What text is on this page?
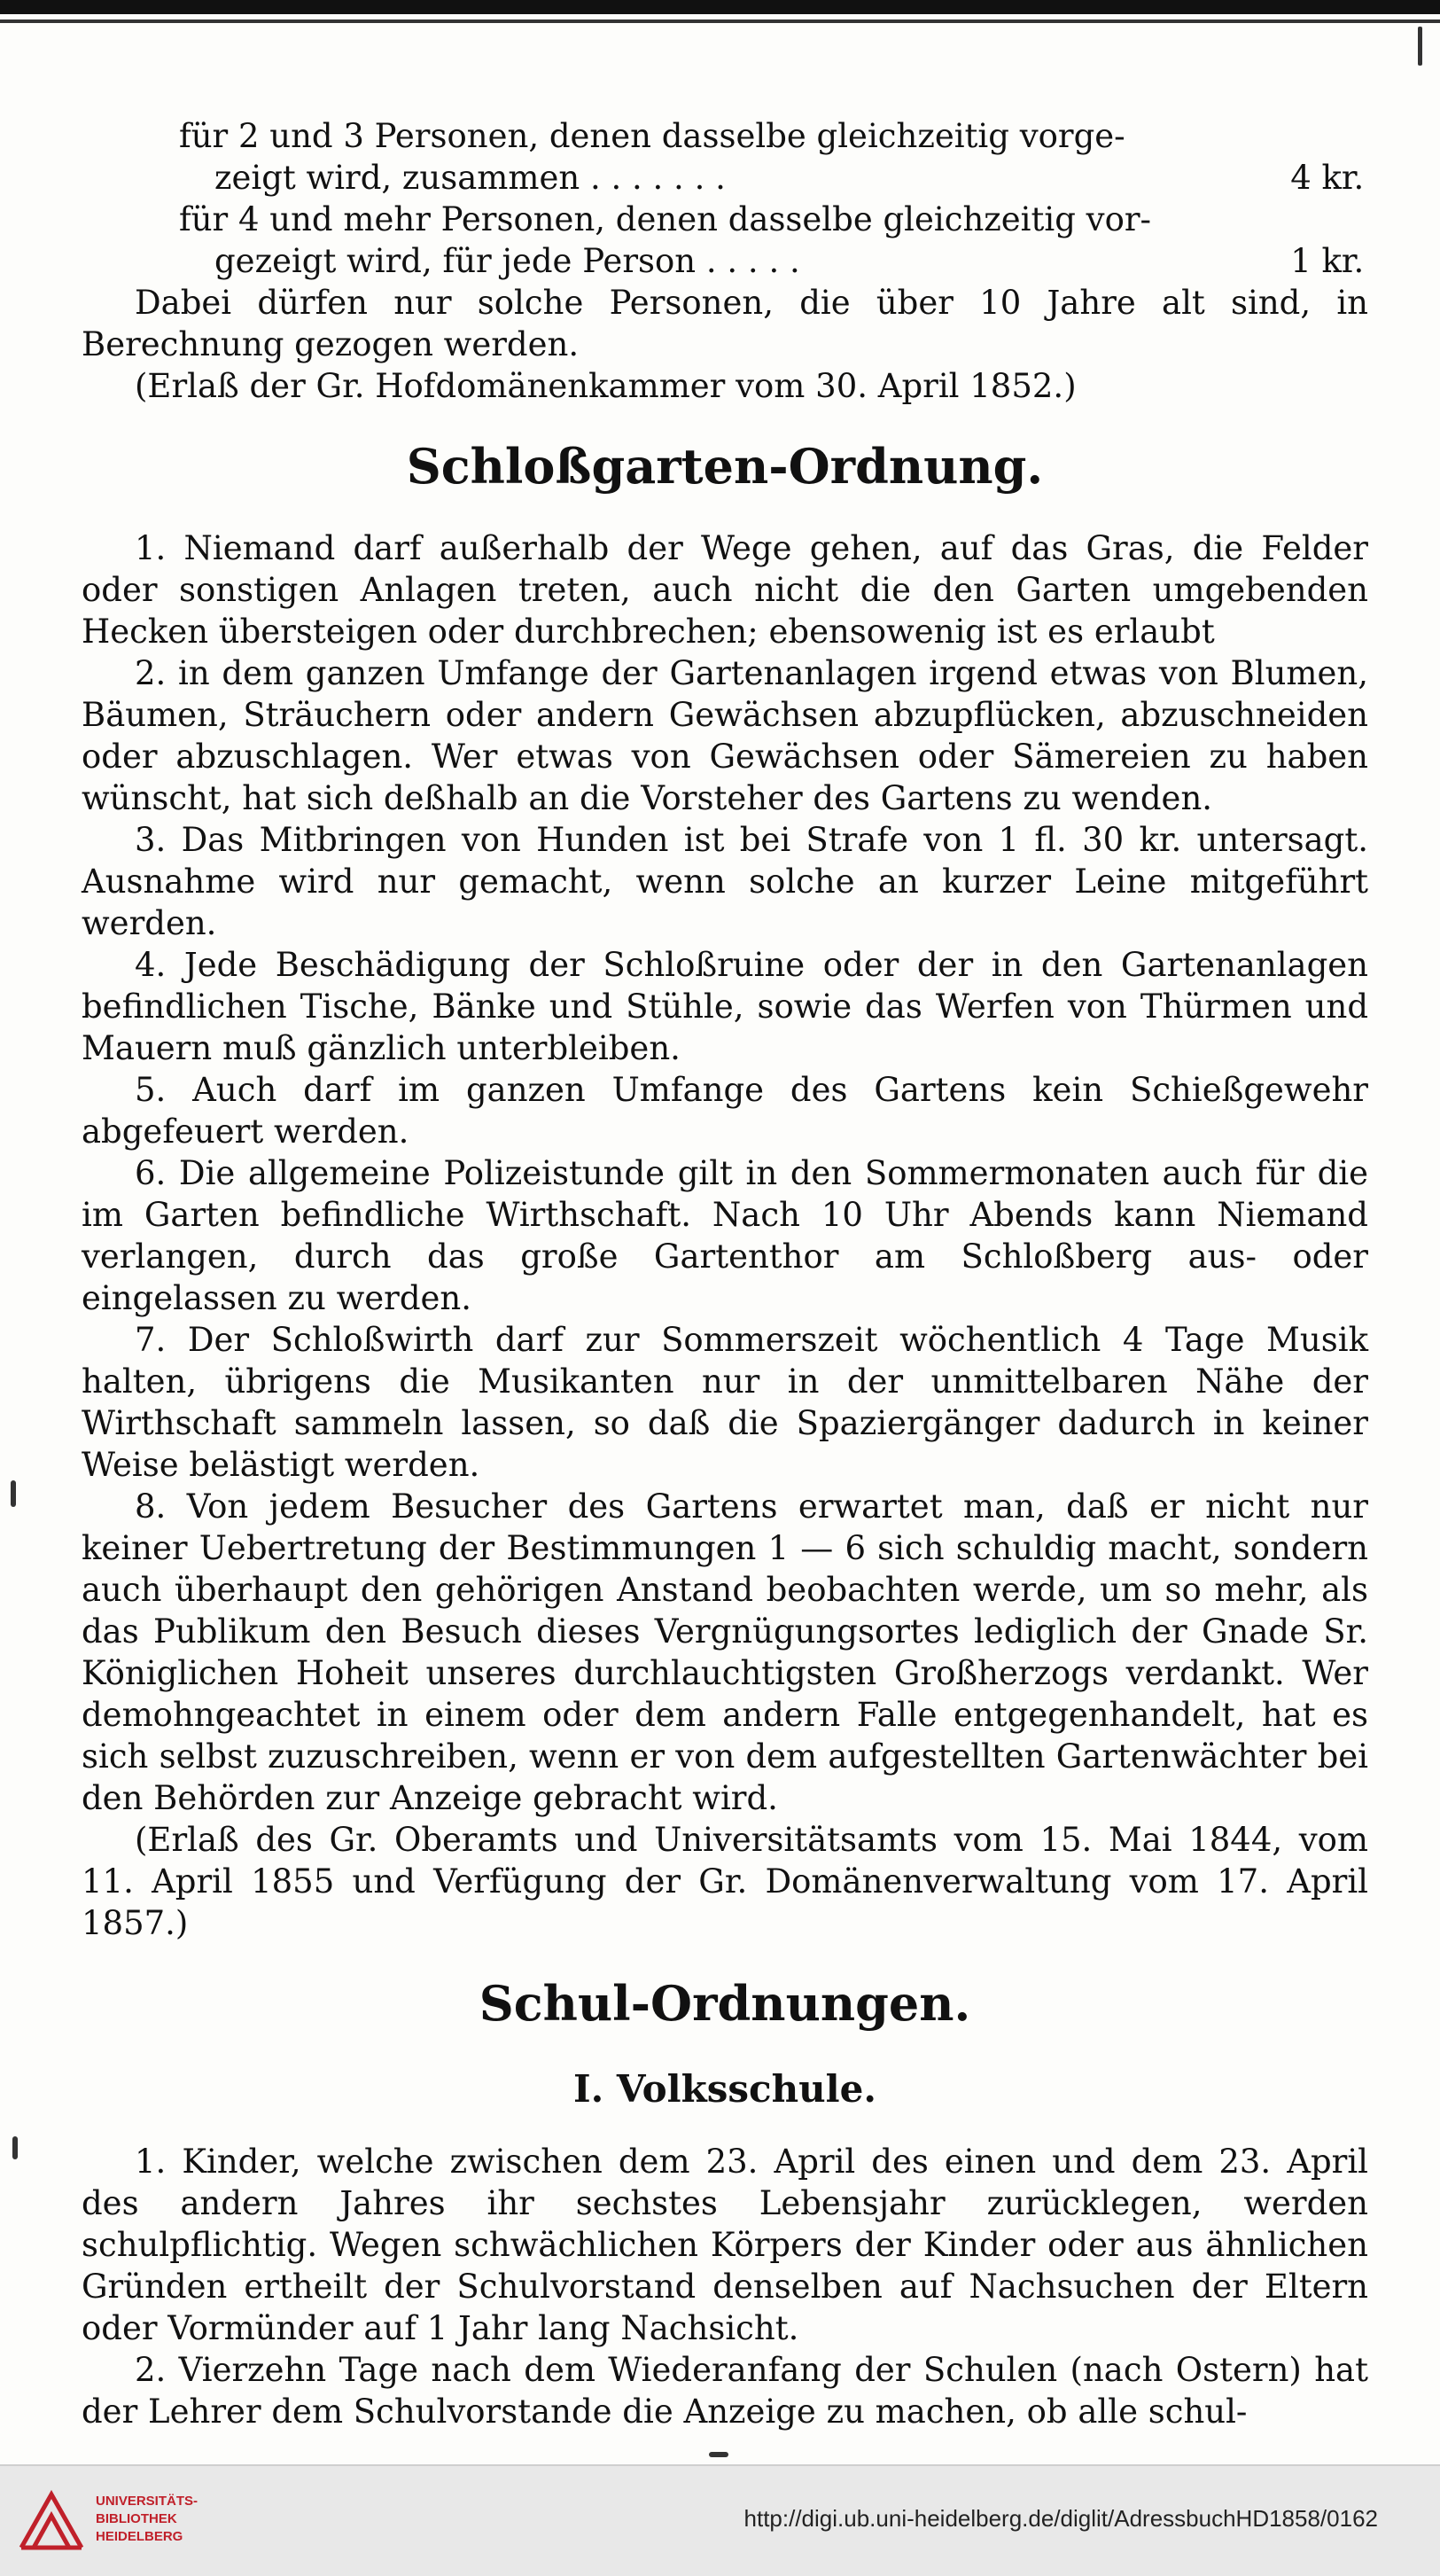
für 2 und 3 Personen, denen dasselbe gleichzeitig vorge-

zeigt wird, zusammen . . . . . . .	4 kr.

für 4 und mehr Personen, denen dasselbe gleichzeitig vor-

gezeigt wird, für jede Person . . . . .	1 kr.

Dabei dürfen nur solche Personen, die über 10 Jahre alt sind, in Berechnung gezogen werden.

(Erlaß der Gr. Hofdomänenkammer vom 30. April 1852.)

Schloßgarten-Ordnung.

1. Niemand darf außerhalb der Wege gehen, auf das Gras, die Felder oder sonstigen Anlagen treten, auch nicht die den Garten umgebenden Hecken übersteigen oder durchbrechen; ebensowenig ist es erlaubt

2. in dem ganzen Umfange der Gartenanlagen irgend etwas von Blumen, Bäumen, Sträuchern oder andern Gewächsen abzupflücken, abzuschneiden oder abzuschlagen. Wer etwas von Gewächsen oder Sämereien zu haben wünscht, hat sich deßhalb an die Vorsteher des Gartens zu wenden.

3. Das Mitbringen von Hunden ist bei Strafe von 1 fl. 30 kr. untersagt. Ausnahme wird nur gemacht, wenn solche an kurzer Leine mitgeführt werden.

4. Jede Beschädigung der Schloßruine oder der in den Gartenanlagen befindlichen Tische, Bänke und Stühle, sowie das Werfen von Thürmen und Mauern muß gänzlich unterbleiben.

5. Auch darf im ganzen Umfange des Gartens kein Schießgewehr abgefeuert werden.

6. Die allgemeine Polizeistunde gilt in den Sommermonaten auch für die im Garten befindliche Wirthschaft. Nach 10 Uhr Abends kann Niemand verlangen, durch das große Gartenthor am Schloßberg aus- oder eingelassen zu werden.

7. Der Schloßwirth darf zur Sommerszeit wöchentlich 4 Tage Musik halten, übrigens die Musikanten nur in der unmittelbaren Nähe der Wirthschaft sammeln lassen, so daß die Spaziergänger dadurch in keiner Weise belästigt werden.

8. Von jedem Besucher des Gartens erwartet man, daß er nicht nur keiner Uebertretung der Bestimmungen 1 — 6 sich schuldig macht, sondern auch überhaupt den gehörigen Anstand beobachten werde, um so mehr, als das Publikum den Besuch dieses Vergnügungsortes lediglich der Gnade Sr. Königlichen Hoheit unseres durchlauchtigsten Großherzogs verdankt. Wer demohngeachtet in einem oder dem andern Falle entgegenhandelt, hat es sich selbst zuzuschreiben, wenn er von dem aufgestellten Gartenwächter bei den Behörden zur Anzeige gebracht wird.

(Erlaß des Gr. Oberamts und Universitätsamts vom 15. Mai 1844, vom 11. April 1855 und Verfügung der Gr. Domänenverwaltung vom 17. April 1857.)

Schul-Ordnungen.
I. Volksschule.

1. Kinder, welche zwischen dem 23. April des einen und dem 23. April des andern Jahres ihr sechstes Lebensjahr zurücklegen, werden schulpflichtig. Wegen schwächlichen Körpers der Kinder oder aus ähnlichen Gründen ertheilt der Schulvorstand denselben auf Nachsuchen der Eltern oder Vormünder auf 1 Jahr lang Nachsicht.

2. Vierzehn Tage nach dem Wiederanfang der Schulen (nach Ostern) hat der Lehrer dem Schulvorstande die Anzeige zu machen, ob alle schul-

UNIVERSITÄTS-
BIBLIOTHEK
HEIDELBERG
http://digi.ub.uni-heidelberg.de/diglit/AdressbuchHD1858/0162
